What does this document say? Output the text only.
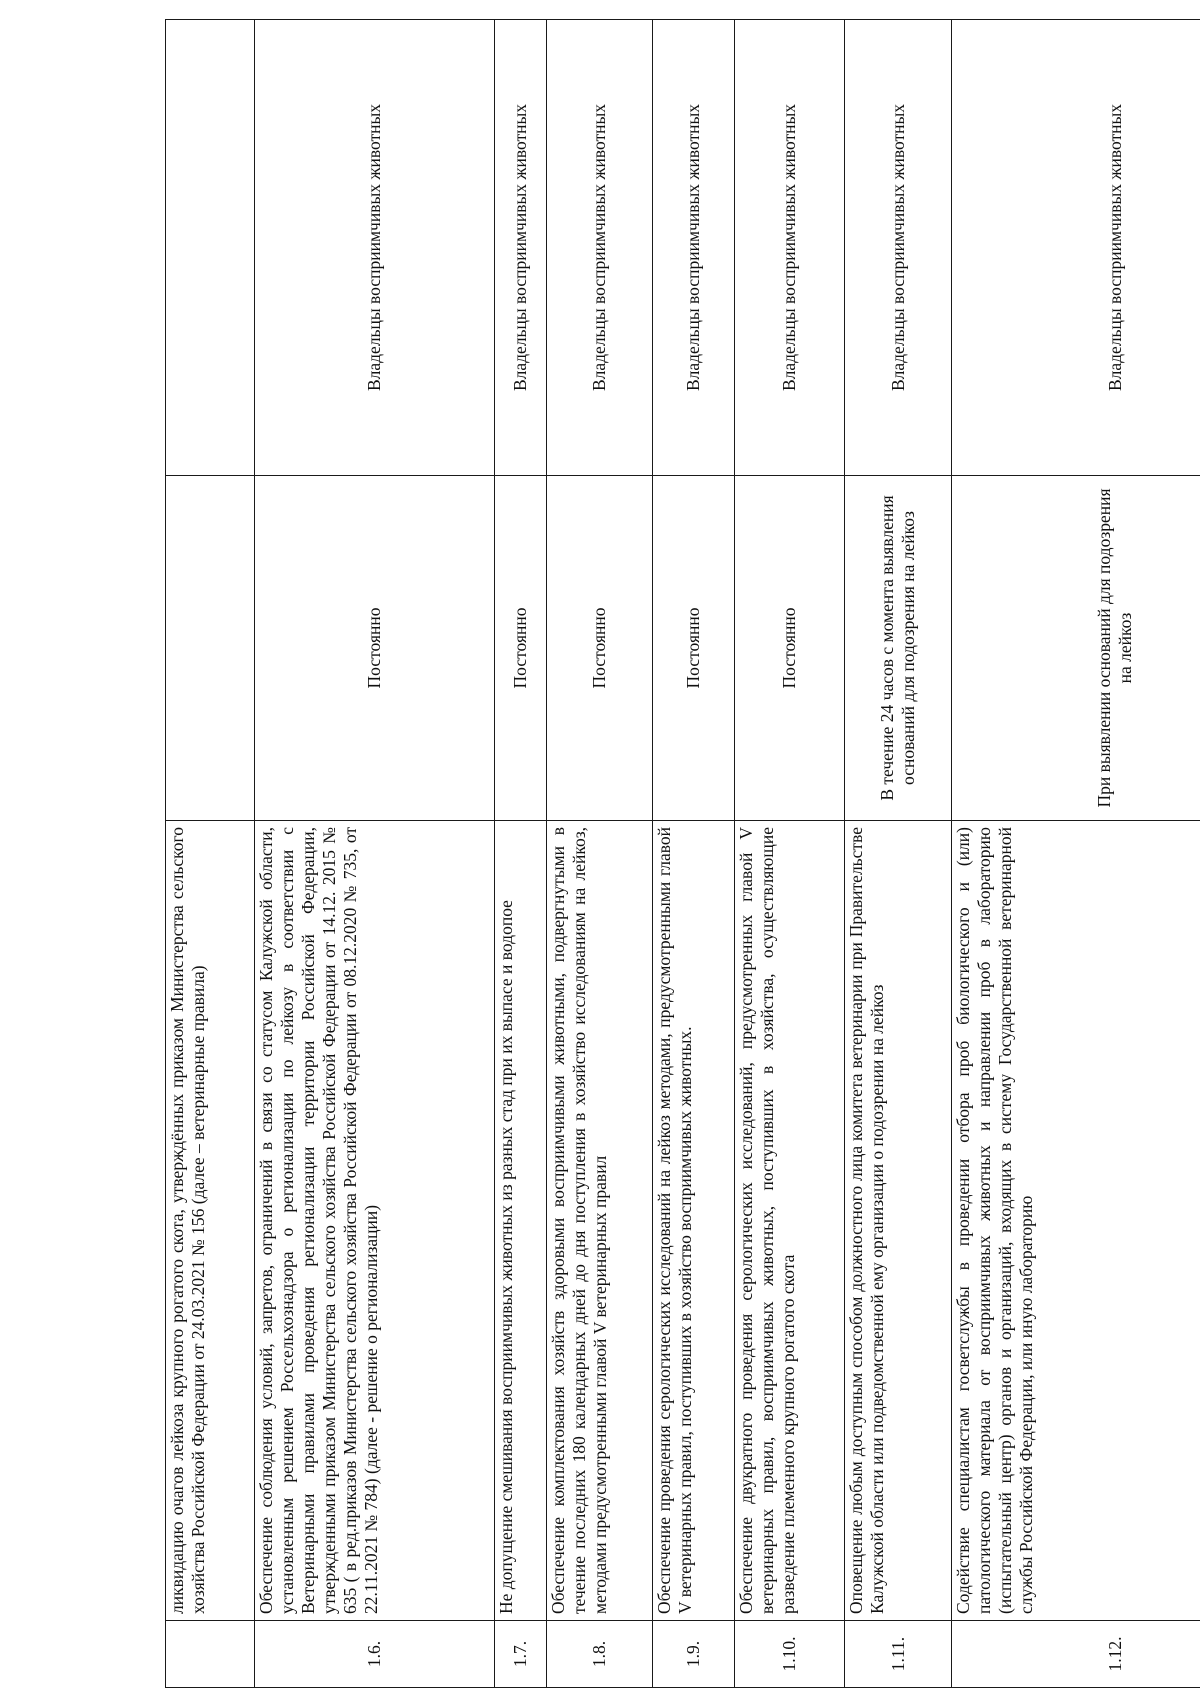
	ликвидацию очагов лейкоза крупного рогатого скота, утверждённых приказом Министерства сельского хозяйства Российской Федерации от 24.03.2021 № 156 (далее – ветеринарные правила)		
1.6.	Обеспечение соблюдения условий, запретов, ограничений в связи со статусом Калужской области, установленным решением Россельхознадзора о регионализации по лейкозу в соответствии с Ветеринарными правилами проведения регионализации территории Российской Федерации, утвержденными приказом Министерства сельского хозяйства Российской Федерации от 14.12. 2015 № 635 ( в ред.приказов Министерства сельского хозяйства Российской Федерации от 08.12.2020 № 735, от 22.11.2021 № 784) (далее - решение о регионализации)	Постоянно	Владельцы восприимчивых животных
1.7.	Не допущение смешивания восприимчивых животных из разных стад при их выпасе и водопое	Постоянно	Владельцы восприимчивых животных
1.8.	Обеспечение комплектования хозяйств здоровыми восприимчивыми животными, подвергнутыми в течение последних 180 календарных дней до дня поступления в хозяйство исследованиям на лейкоз, методами предусмотренными главой V ветеринарных правил	Постоянно	Владельцы восприимчивых животных
1.9.	Обеспечение проведения серологических исследований на лейкоз методами, предусмотренными главой V ветеринарных правил, поступивших в хозяйство восприимчивых животных.	Постоянно	Владельцы восприимчивых животных
1.10.	Обеспечение двукратного проведения серологических исследований, предусмотренных главой V ветеринарных правил, восприимчивых животных, поступивших в хозяйства, осуществляющие разведение племенного крупного рогатого скота	Постоянно	Владельцы восприимчивых животных
1.11.	Оповещение любым доступным способом должностного лица комитета ветеринарии при Правительстве Калужской области или подведомственной ему организации о подозрении на лейкоз	В течение 24 часов с момента выявления оснований для подозрения на лейкоз	Владельцы восприимчивых животных
1.12.	Содействие специалистам госветслужбы в проведении отбора проб биологического и (или) патологического материала от восприимчивых животных и направлении проб в лабораторию (испытательный центр) органов и организаций, входящих в систему Государственной ветеринарной службы Российской Федерации, или иную лабораторию	При выявлении оснований для подозрения на лейкоз	Владельцы восприимчивых животных
